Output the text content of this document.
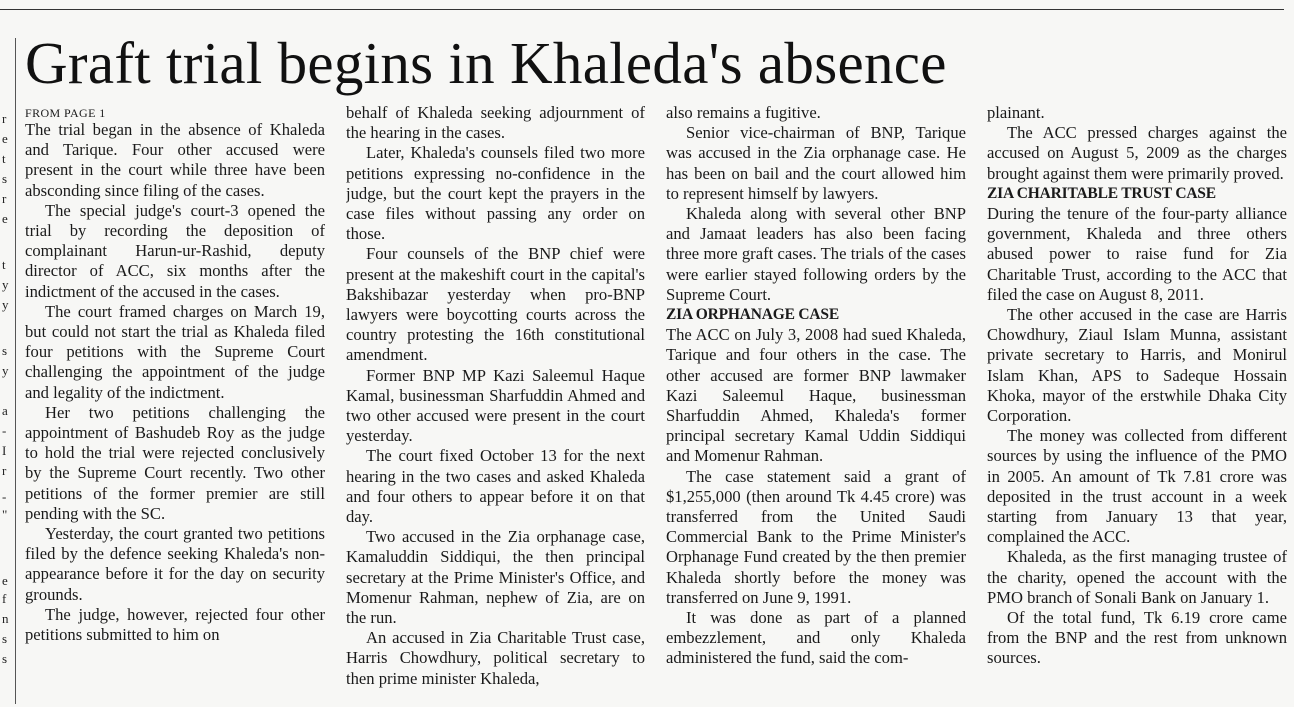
r
e
t
s
r
e
t
y
y
s
y
a
-
I
r
-
"
e
f
n
s
s
Graft trial begins in Khaleda's absence
FROM PAGE 1

The trial began in the absence of Khaleda and Tarique. Four other accused were present in the court while three have been absconding since filing of the cases.

The special judge's court-3 opened the trial by recording the deposition of complainant Harun-ur-Rashid, deputy director of ACC, six months after the indictment of the accused in the cases.

The court framed charges on March 19, but could not start the trial as Khaleda filed four petitions with the Supreme Court challenging the appointment of the judge and legality of the indictment.

Her two petitions challenging the appointment of Bashudeb Roy as the judge to hold the trial were rejected conclusively by the Supreme Court recently. Two other petitions of the former premier are still pending with the SC.

Yesterday, the court granted two petitions filed by the defence seeking Khaleda's non-appearance before it for the day on security grounds.

The judge, however, rejected four other petitions submitted to him on

behalf of Khaleda seeking adjournment of the hearing in the cases.

Later, Khaleda's counsels filed two more petitions expressing no-confidence in the judge, but the court kept the prayers in the case files without passing any order on those.

Four counsels of the BNP chief were present at the makeshift court in the capital's Bakshibazar yesterday when pro-BNP lawyers were boycotting courts across the country protesting the 16th constitutional amendment.

Former BNP MP Kazi Saleemul Haque Kamal, businessman Sharfuddin Ahmed and two other accused were present in the court yesterday.

The court fixed October 13 for the next hearing in the two cases and asked Khaleda and four others to appear before it on that day.

Two accused in the Zia orphanage case, Kamaluddin Siddiqui, the then principal secretary at the Prime Minister's Office, and Momenur Rahman, nephew of Zia, are on the run.

An accused in Zia Charitable Trust case, Harris Chowdhury, political secretary to then prime minister Khaleda,

also remains a fugitive.

Senior vice-chairman of BNP, Tarique was accused in the Zia orphanage case. He has been on bail and the court allowed him to represent himself by lawyers.

Khaleda along with several other BNP and Jamaat leaders has also been facing three more graft cases. The trials of the cases were earlier stayed following orders by the Supreme Court.

ZIA ORPHANAGE CASE

The ACC on July 3, 2008 had sued Khaleda, Tarique and four others in the case. The other accused are former BNP lawmaker Kazi Saleemul Haque, businessman Sharfuddin Ahmed, Khaleda's former principal secretary Kamal Uddin Siddiqui and Momenur Rahman.

The case statement said a grant of $1,255,000 (then around Tk 4.45 crore) was transferred from the United Saudi Commercial Bank to the Prime Minister's Orphanage Fund created by the then premier Khaleda shortly before the money was transferred on June 9, 1991.

It was done as part of a planned embezzlement, and only Khaleda administered the fund, said the com-

plainant.

The ACC pressed charges against the accused on August 5, 2009 as the charges brought against them were primarily proved.

ZIA CHARITABLE TRUST CASE

During the tenure of the four-party alliance government, Khaleda and three others abused power to raise fund for Zia Charitable Trust, according to the ACC that filed the case on August 8, 2011.

The other accused in the case are Harris Chowdhury, Ziaul Islam Munna, assistant private secretary to Harris, and Monirul Islam Khan, APS to Sadeque Hossain Khoka, mayor of the erstwhile Dhaka City Corporation.

The money was collected from different sources by using the influence of the PMO in 2005. An amount of Tk 7.81 crore was deposited in the trust account in a week starting from January 13 that year, complained the ACC.

Khaleda, as the first managing trustee of the charity, opened the account with the PMO branch of Sonali Bank on January 1.

Of the total fund, Tk 6.19 crore came from the BNP and the rest from unknown sources.
